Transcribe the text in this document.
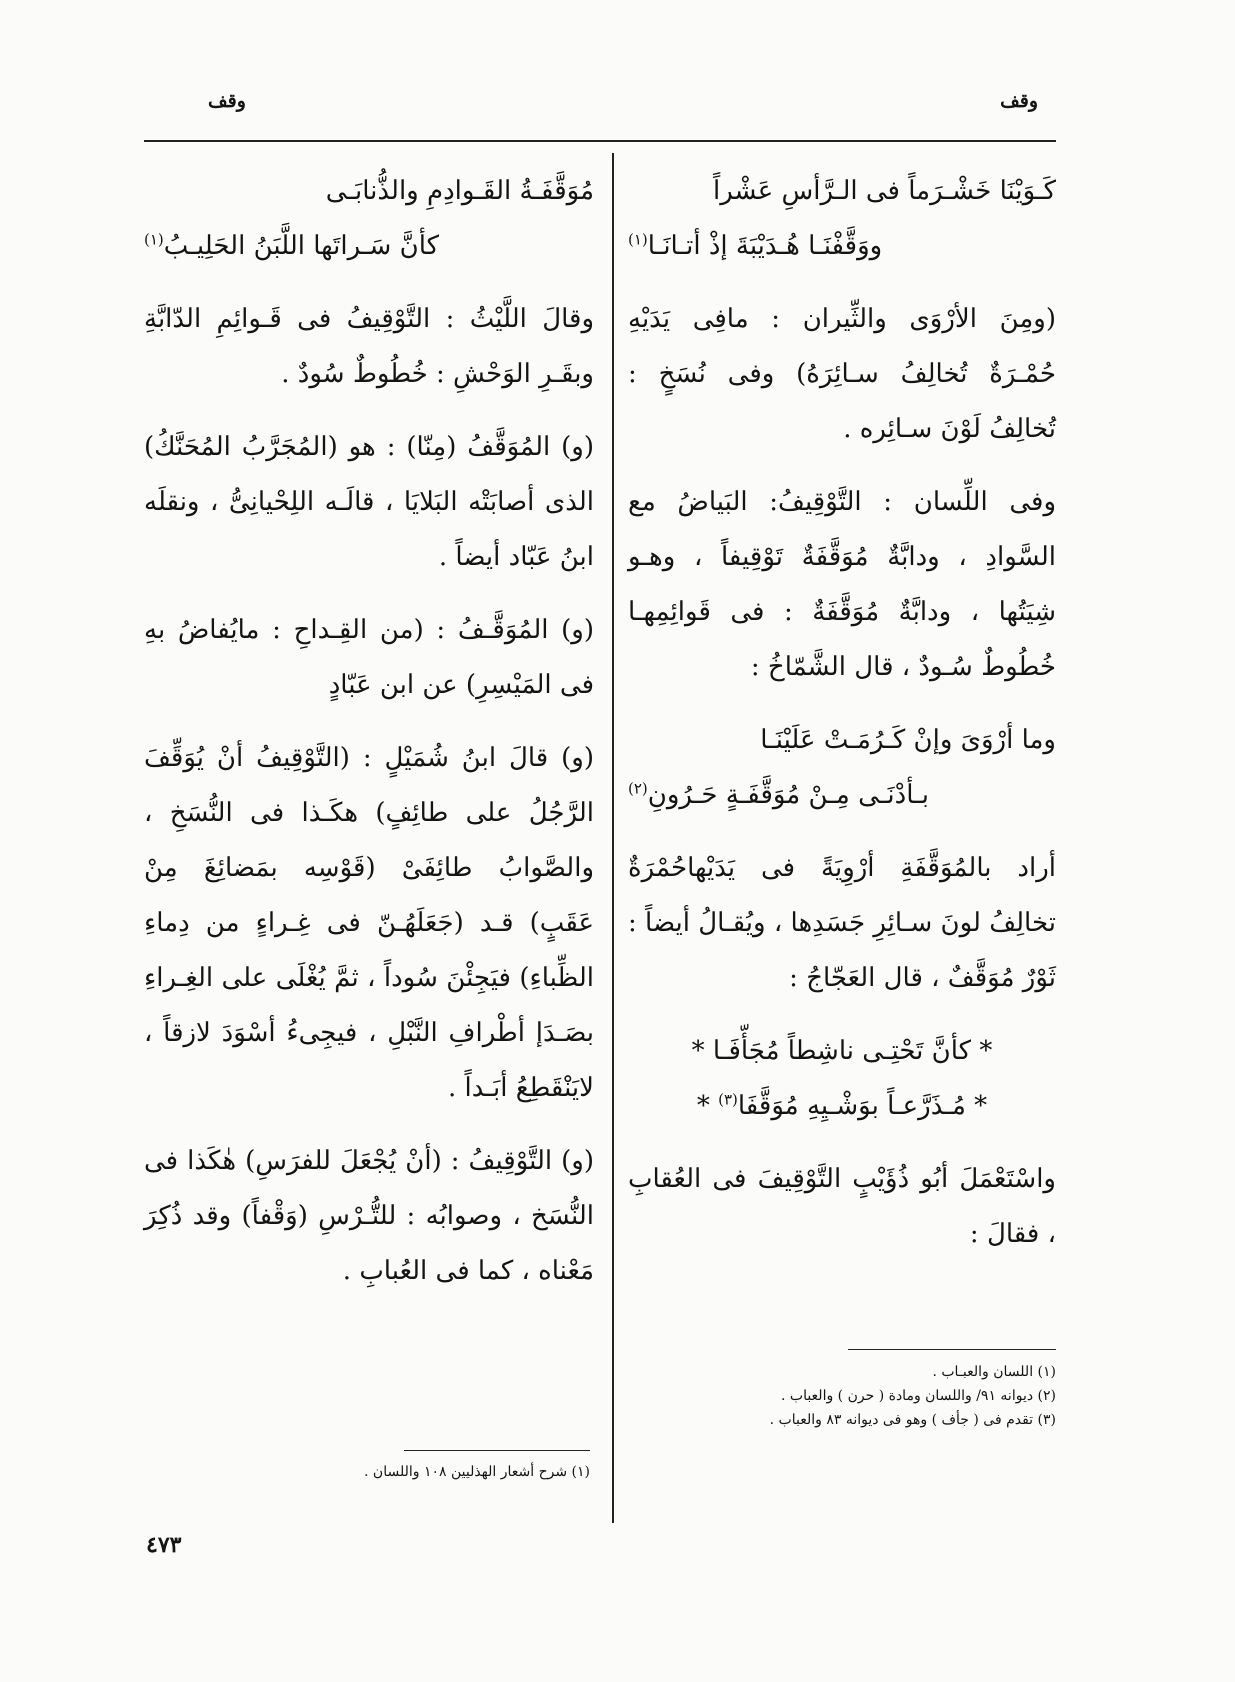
وقف
وقف
كَـوَيْنَا خَشْـرَماً فى الـرَّأسِ عَشْراً
ووَقَّفْنَـا هُـدَيْبَةَ إذْ أتـانَـا$^{(١)}$

(ومِنَ الأرْوَى والثِّيران : مافِى يَدَيْهِ حُمْـرَةٌ تُخالِفُ سـائِرَهُ) وفى نُسَخٍ : تُخالِفُ لَوْنَ سـائِره .

وفى اللِّسان : التَّوْقِيفُ: البَياضُ مع السَّوادِ ، ودابَّةٌ مُوَقَّفَةٌ تَوْقِيفاً ، وهـو شِيَتُها ، ودابَّةٌ مُوَقَّفَةٌ : فى قَوائِمِهـا خُطُوطٌ سُـودٌ ، قال الشَّمّاخُ :

وما أرْوَىَ وإنْ كَـرُمَـتْ عَلَيْنَـا
بـأدْنَـى مِـنْ مُوَقَّفَـةٍ حَـرُونِ$^{(٢)}$

أراد بالمُوَقَّفَةِ أرْوِيَةً فى يَدَيْهاحُمْرَةٌ تخالِفُ لونَ سـائِرِ جَسَدِها ، ويُقـالُ أيضاً : ثَوْرٌ مُوَقَّفٌ ، قال العَجّاجُ :

* كأنَّ تَحْتِـى ناشِطاً مُجَأّفَـا *
* مُـذَرَّعـاً بوَشْـيِهِ مُوَقَّفَا$^{(٣)}$ *

واسْتَعْمَلَ أبُو ذُؤَيْبٍ التَّوْقِيفَ فى العُقابِ ، فقالَ :

مُوَقَّفَـةُ القَـوادِمِ والذُّنابَـى
كأنَّ سَـراتَها اللَّبَنُ الحَلِيـبُ$^{(١)}$

وقالَ اللَّيْثُ : التَّوْقِيفُ فى قَـوائِمِ الدّابَّةِ وبقَـرِ الوَحْشِ : خُطُوطٌ سُودٌ .

(و) المُوَقَّفُ (مِنّا) : هو (المُجَرَّبُ المُحَنَّكُ) الذى أصابَتْه البَلايَا ، قالَـه اللِحْيانِىُّ ، ونقلَه ابنُ عَبّاد أيضاً .

(و) المُوَقَّـفُ : (من القِـداحِ : مايُفاضُ بهِ فى المَيْسِرِ) عن ابن عَبّادٍ

(و) قالَ ابنُ شُمَيْلٍ : (التَّوْقِيفُ أنْ يُوَقِّفَ الرَّجُلُ على طائِفٍ) هكَـذا فى النُّسَخِ ، والصَّوابُ طائِفَىْ (قَوْسِه بمَضائِغَ مِنْ عَقَبٍ) قـد (جَعَلَهُـنّ فى غِـراءٍ من دِماءِ الظِّباءِ) فيَجِئْنَ سُوداً ، ثمَّ يُغْلَى على الغِـراءِ بصَـدَإ أطْرافِ النَّبْلِ ، فيجِىءُ أسْوَدَ لازقاً ، لايَنْقَطِعُ أبَـداً .

(و) التَّوْقِيفُ : (أنْ يُجْعَلَ للفرَسِ) هٰكَذا فى النُّسَخ ، وصوابُه : للتُّـرْسِ (وَقْفاً) وقد ذُكِرَ مَعْناه ، كما فى العُبابِ .

(١) اللسان والعبـاب .
(٢) ديوانه ٩١/ واللسان ومادة ( حرن ) والعباب .
(٣) تقدم فى ( جأف ) وهو فى ديوانه ٨٣ والعباب .
(١) شرح أشعار الهذليين ١٠٨ واللسان .
٤٧٣
